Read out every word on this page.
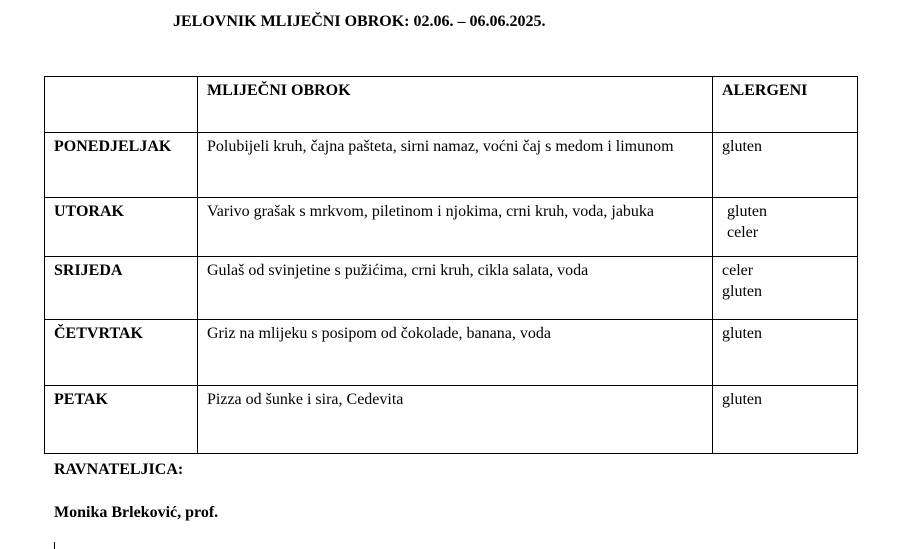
JELOVNIK MLIJEČNI OBROK: 02.06. – 06.06.2025.

	MLIJEČNI OBROK	ALERGENI

PONEDJELJAK	Polubijeli kruh, čajna pašteta, sirni namaz, voćni čaj s medom i limunom	gluten

UTORAK	Varivo grašak s mrkvom, piletinom i njokima, crni kruh, voda, jabuka	gluten
celer

SRIJEDA	Gulaš od svinjetine s pužićima, crni kruh, cikla salata, voda	celer
gluten

ČETVRTAK	Griz na mlijeku s posipom od čokolade, banana, voda	gluten

PETAK	Pizza od šunke i sira, Cedevita	gluten
RAVNATELJICA:
Monika Brleković, prof.
